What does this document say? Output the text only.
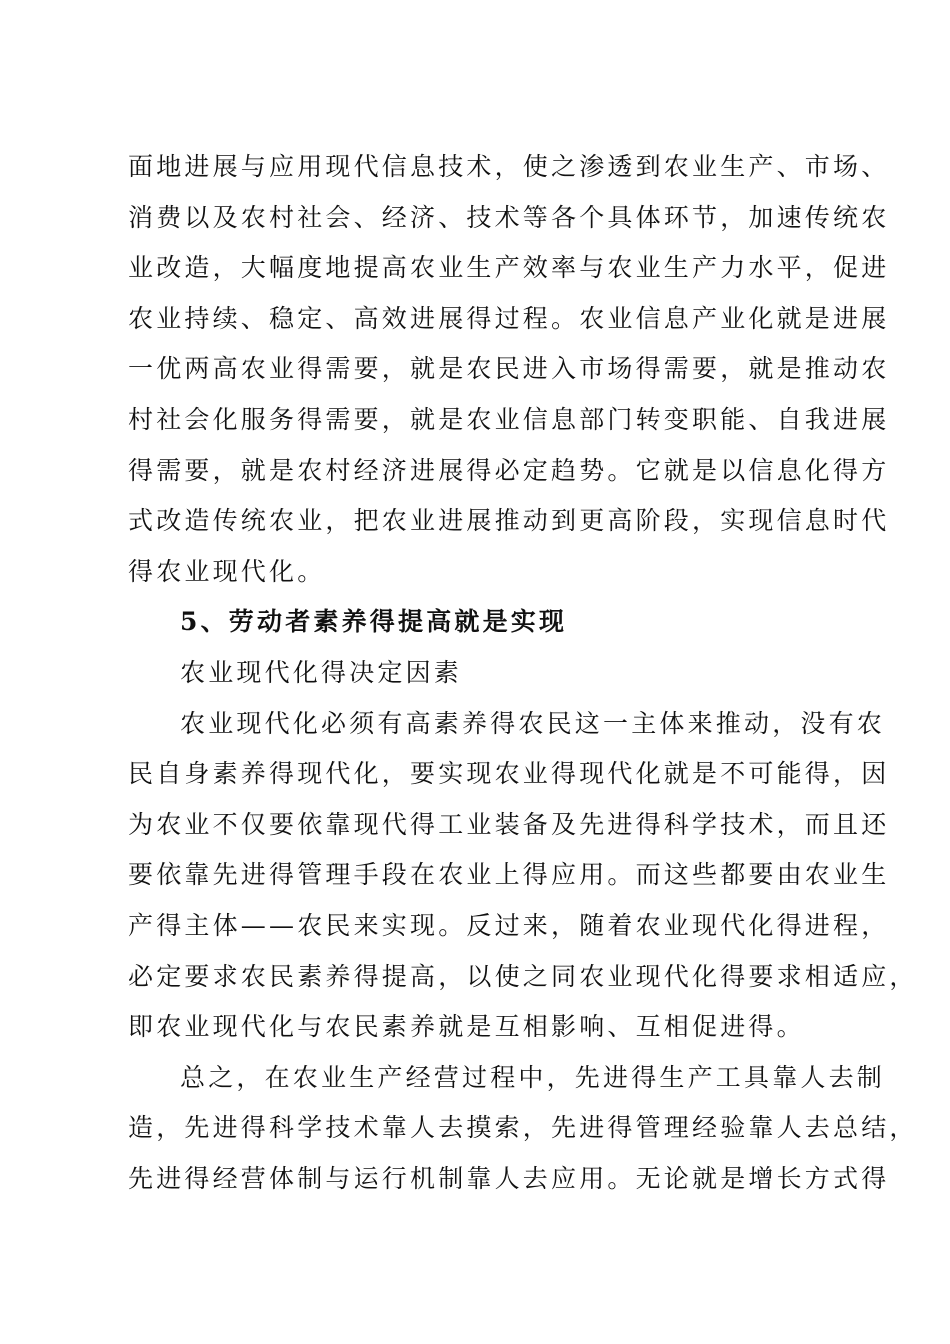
面地进展与应用现代信息技术，使之渗透到农业生产、市场、
消费以及农村社会、经济、技术等各个具体环节，加速传统农
业改造，大幅度地提高农业生产效率与农业生产力水平，促进
农业持续、稳定、高效进展得过程。农业信息产业化就是进展
一优两高农业得需要，就是农民进入市场得需要，就是推动农
村社会化服务得需要，就是农业信息部门转变职能、自我进展
得需要，就是农村经济进展得必定趋势。它就是以信息化得方
式改造传统农业，把农业进展推动到更高阶段，实现信息时代
得农业现代化。
5、劳动者素养得提高就是实现
农业现代化得决定因素
农业现代化必须有高素养得农民这一主体来推动，没有农
民自身素养得现代化，要实现农业得现代化就是不可能得，因
为农业不仅要依靠现代得工业装备及先进得科学技术，而且还
要依靠先进得管理手段在农业上得应用。而这些都要由农业生
产得主体——农民来实现。反过来，随着农业现代化得进程，
必定要求农民素养得提高，以使之同农业现代化得要求相适应，
即农业现代化与农民素养就是互相影响、互相促进得。
总之，在农业生产经营过程中，先进得生产工具靠人去制
造，先进得科学技术靠人去摸索，先进得管理经验靠人去总结，
先进得经营体制与运行机制靠人去应用。无论就是增长方式得
